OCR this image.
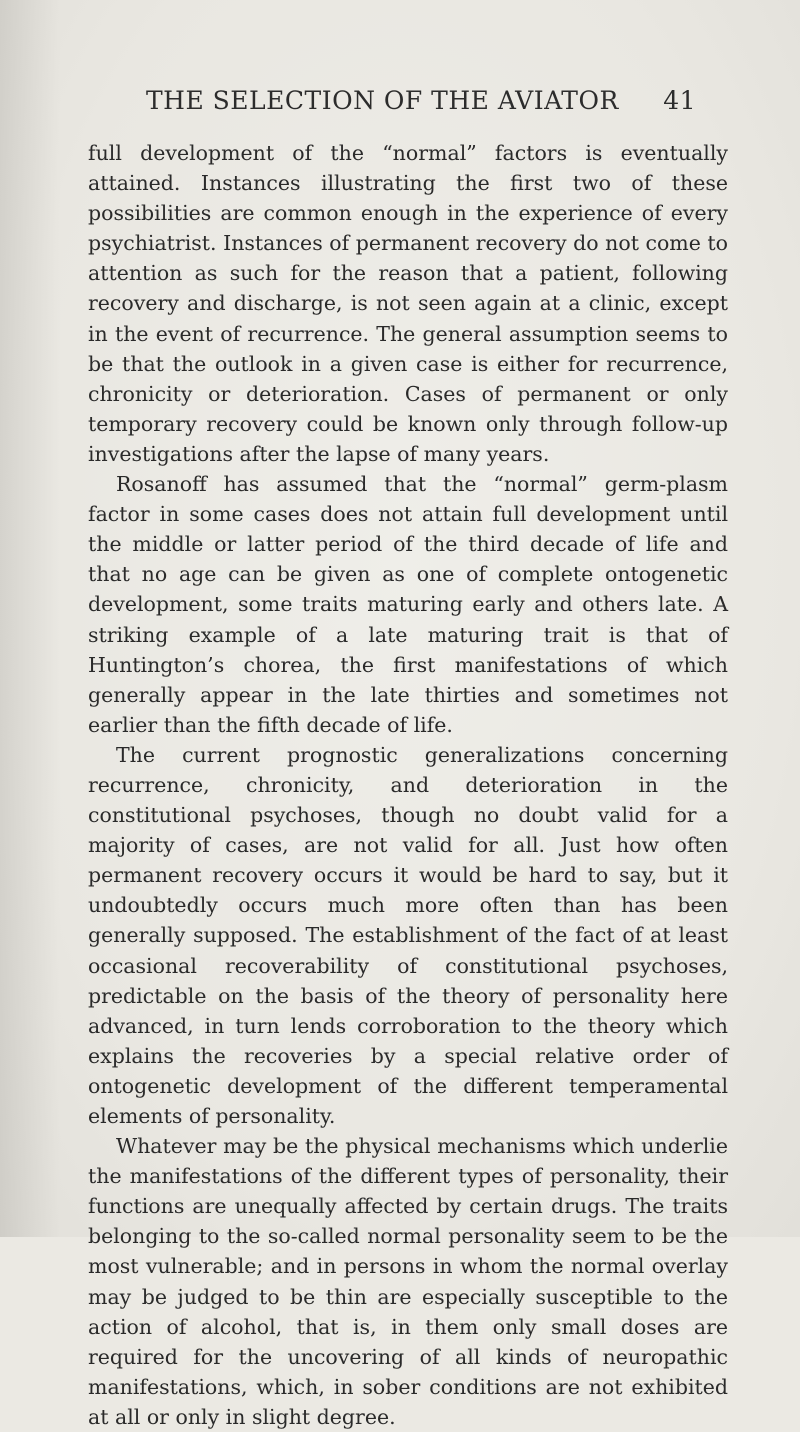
THE SELECTION OF THE AVIATOR 41

full development of the “normal” factors is eventually attained. Instances illustrating the first two of these possibilities are common enough in the experience of every psychiatrist. Instances of permanent recovery do not come to attention as such for the reason that a patient, following recovery and discharge, is not seen again at a clinic, except in the event of recurrence. The general assumption seems to be that the outlook in a given case is either for recurrence, chronicity or deterioration. Cases of permanent or only temporary recovery could be known only through follow-up investigations after the lapse of many years.

Rosanoff has assumed that the “normal” germ-plasm factor in some cases does not attain full development until the middle or latter period of the third decade of life and that no age can be given as one of complete ontogenetic development, some traits maturing early and others late. A striking example of a late maturing trait is that of Huntington’s chorea, the first manifestations of which generally appear in the late thirties and sometimes not earlier than the fifth decade of life.

The current prognostic generalizations concerning recurrence, chronicity, and deterioration in the constitutional psychoses, though no doubt valid for a majority of cases, are not valid for all. Just how often permanent recovery occurs it would be hard to say, but it undoubtedly occurs much more often than has been generally supposed. The establishment of the fact of at least occasional recoverability of constitutional psychoses, predictable on the basis of the theory of personality here advanced, in turn lends corroboration to the theory which explains the recoveries by a special relative order of ontogenetic development of the different temperamental elements of personality.

Whatever may be the physical mechanisms which underlie the manifestations of the different types of personality, their functions are unequally affected by certain drugs. The traits belonging to the so-called normal personality seem to be the most vulnerable; and in persons in whom the normal overlay may be judged to be thin are especially susceptible to the action of alcohol, that is, in them only small doses are required for the uncovering of all kinds of neuropathic manifestations, which, in sober conditions are not exhibited at all or only in slight degree.
